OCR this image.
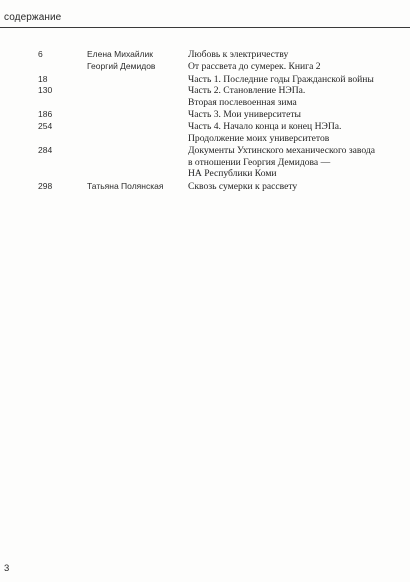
содержание
6	Елена Михайлик	Любовь к электричеству
Георгий Демидов	От рассвета до сумерек. Книга 2
18	Часть 1. Последние годы Гражданской войны
130	Часть 2. Становление НЭПа.
Вторая послевоенная зима
186	Часть 3. Мои университеты
254	Часть 4. Начало конца и конец НЭПа.
Продолжение моих университетов
284	Документы Ухтинского механического завода
в отношении Георгия Демидова —
НА Республики Коми
298	Татьяна Полянская	Сквозь сумерки к рассвету
3
